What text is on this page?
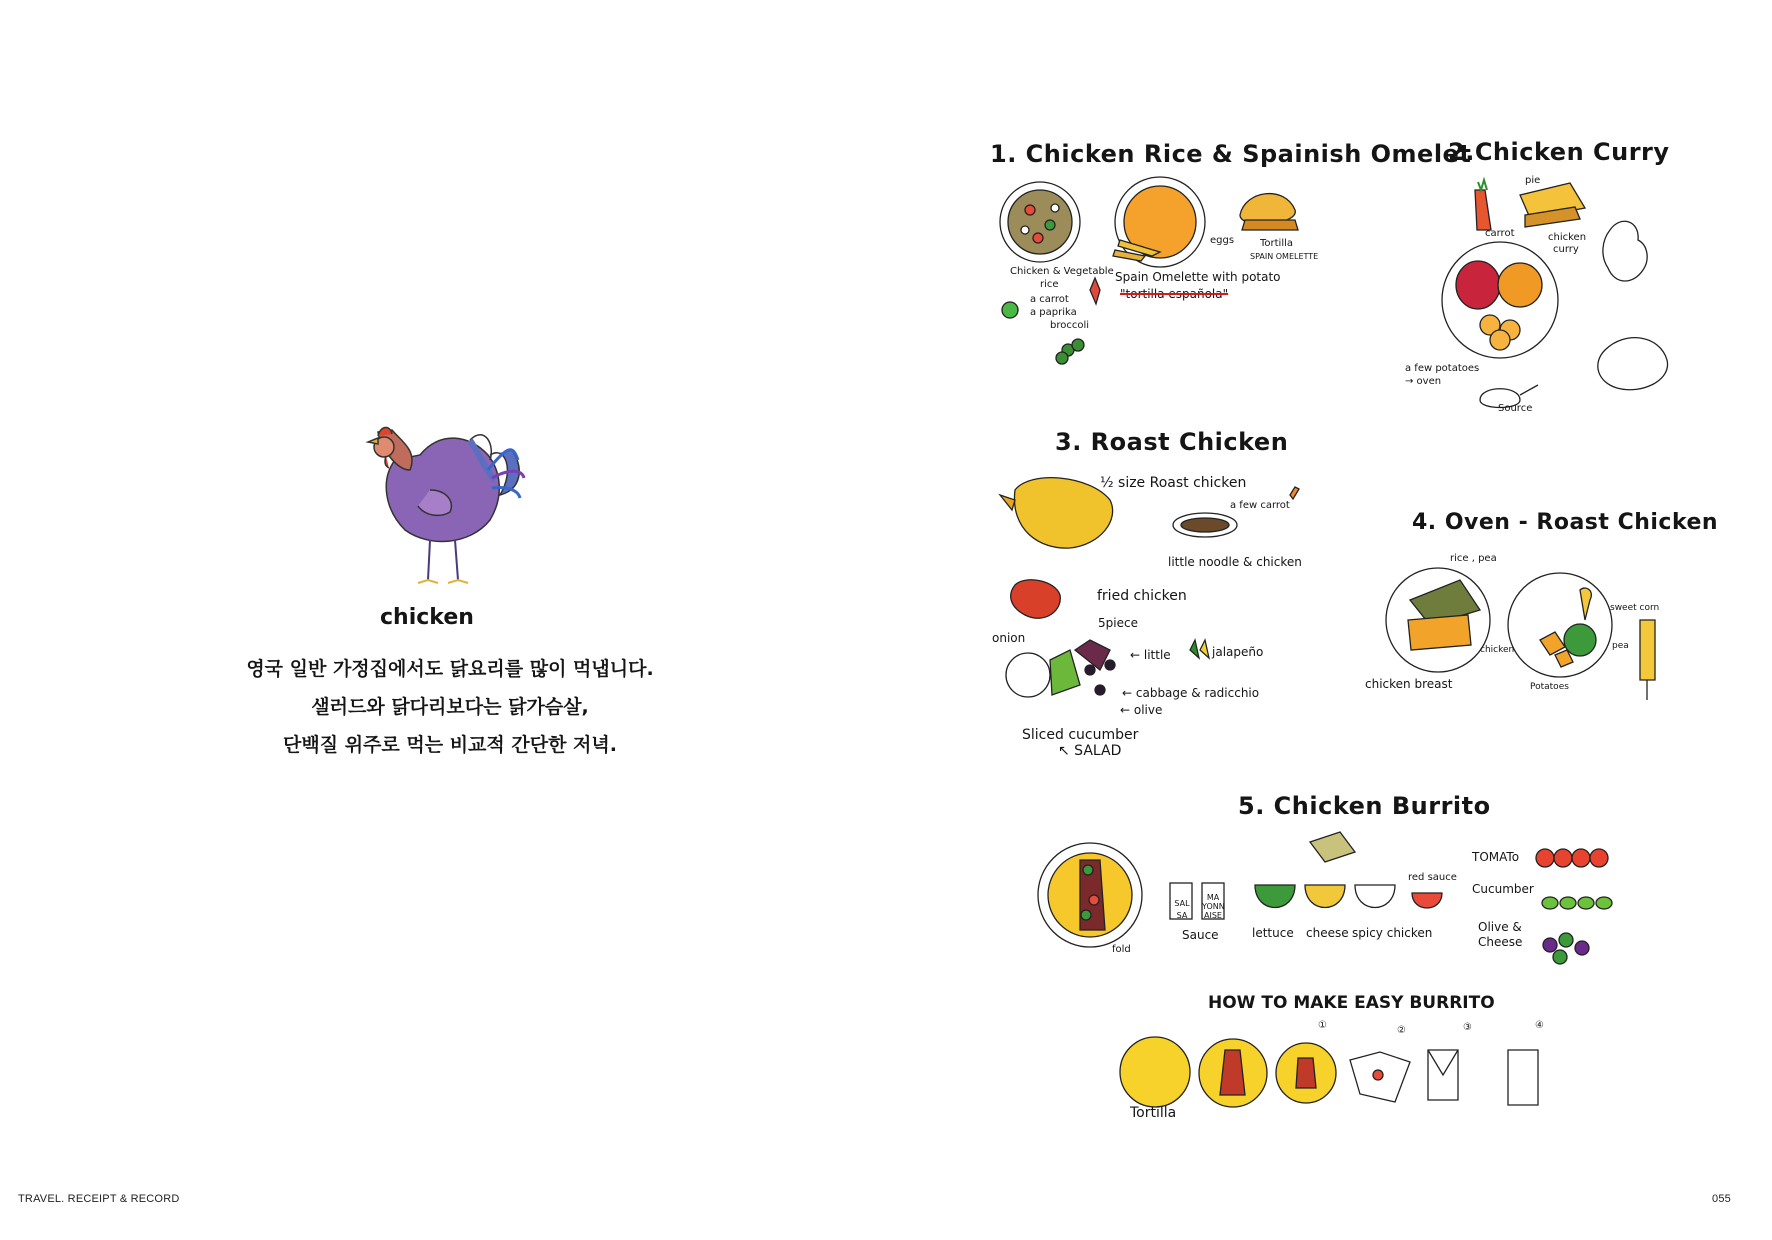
chicken
영국 일반 가정집에서도 닭요리를 많이 먹냅니다.
샐러드와 닭다리보다는 닭가슴살,
단백질 위주로 먹는 비교적 간단한 저녁.
1. Chicken Rice & Spainish Omelet
Chicken & Vegetable
rice
a carrot
a paprika
broccoli
eggs	Tortilla
SPAIN OMELETTE
Spain Omelette with potato
"tortilla española"
2.Chicken Curry
pie
carrot	chicken
curry
a few potatoes
→ oven
Source
3. Roast Chicken
½ size Roast chicken
a few carrot
little noodle & chicken
fried chicken
5piece
onion
← little	jalapeño
← cabbage & radicchio
← olive
Sliced cucumber
↖ SALAD
4. Oven - Roast Chicken
rice , pea
sweet corn
chicken	pea
Potatoes
chicken breast
5. Chicken Burrito
SAL SA
MA YONN AISE
Sauce	lettuce cheese spicy chicken
red sauce
fold
TOMATo
Cucumber
Olive &
Cheese
HOW TO MAKE EASY BURRITO
Tortilla
①	②	③	④
TRAVEL. RECEIPT & RECORD	055
